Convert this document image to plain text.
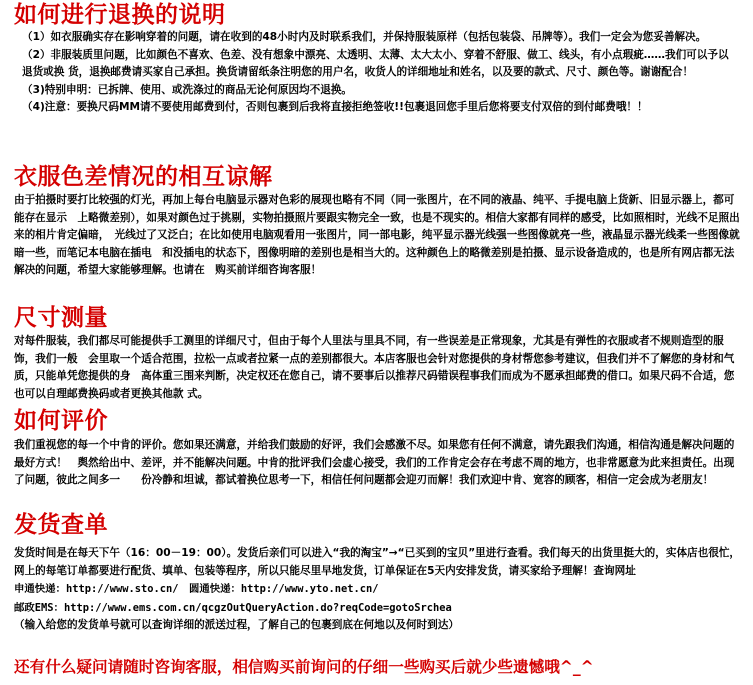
如何进行退换的说明

（1）如衣服确实存在影响穿着的问题，请在收到的48小时内及时联系我们，并保持服装原样（包括包装袋、吊牌等）。我们一定会为您妥善解决。

（2）非服装质里问题，比如颜色不喜欢、色差、没有想象中漂亮、太透明、太薄、太大太小、穿着不舒服、做工、线头，有小点瑕疵……我们可以予以退货或换 货，退换邮费请买家自己承担。换货请留纸条注明您的用户名，收货人的详细地址和姓名，以及要的款式、尺寸、颜色等。谢谢配合！

（3)特别申明：已拆牌、使用、或洗涤过的商品无论何原因均不退换。

（4)注意：要换尺码MM请不要使用邮费到付，否则包裹到后我将直接拒绝签收!!包裹退回您手里后您将要支付双倍的到付邮费哦！！

衣服色差情况的相互谅解

由于拍摄时要打比较强的灯光，再加上每台电脑显示器对色彩的展现也略有不同（同一张图片，在不同的液晶、纯平、手提电脑上货新、旧显示器上，都可能存在显示　上略微差别），如果对颜色过于挑剔，实物拍摄照片要跟实物完全一致，也是不现实的。相信大家都有同样的感受，比如照相时，光线不足照出来的相片肯定偏暗，　光线过了又泛白；在比如使用电脑观看用一张图片，同一部电影，纯平显示器光线强一些图像就亮一些，液晶显示器光线柔一些图像就暗一些，而笔记本电脑在插电　和没插电的状态下，图像明暗的差别也是相当大的。这种颜色上的略微差别是拍摄、显示设备造成的，也是所有网店都无法解决的问题，希望大家能够理解。也请在　购买前详细咨询客服！

尺寸测量

对每件服装，我们都尽可能提供手工测里的详细尺寸，但由于每个人里法与里具不同，有一些误差是正常现象，尤其是有弹性的衣服或者不规则造型的服饰，我们一般　会里取一个适合范围，拉松一点或者拉紧一点的差别都很大。本店客服也会针对您提供的身材帮您参考建议，但我们并不了解您的身材和气质，只能单凭您提供的身　高体重三围来判断，决定权还在您自己，请不要事后以推荐尺码错误程事我们而成为不愿承担邮费的借口。如果尺码不合适，您也可以自理邮费换码或者更换其他款 式。

如何评价

我们重视您的每一个中肯的评价。您如果还满意，并给我们鼓励的好评，我们会感激不尽。如果您有任何不满意，请先跟我们沟通，相信沟通是解决问题的最好方式！　舆然给出中、差评，并不能解决问题。中肯的批评我们会虚心接受，我们的工作肯定会存在考虑不周的地方，也非常愿意为此来担责任。出现了问题，彼此之间多一　　份冷静和坦诚，都试着换位思考一下，相信任何问题都会迎刃而解！我们欢迎中肯、宽容的顾客，相信一定会成为老朋友！

发货查单

发货时间是在每天下午（16：00－19：00）。发货后亲们可以进入“我的淘宝”→“已买到的宝贝”里进行查看。我们每天的出货里挺大的，实体店也很忙，网上的每笔订单都要进行配货、填单、包装等程序，所以只能尽里早地发货，订单保证在5天内安排发货，请买家给予理解！查询网址

申通快递：http://www.sto.cn/　圆通快递：http://www.yto.net.cn/
邮政EMS：http://www.ems.com.cn/qcgzOutQueryAction.do?reqCode=gotoSrchea

（输入给您的发货单号就可以查询详细的派送过程，了解自己的包裹到底在何地以及何时到达）

还有什么疑问请随时咨询客服，相信购买前询问的仔细一些购买后就少些遗憾哦^_^
